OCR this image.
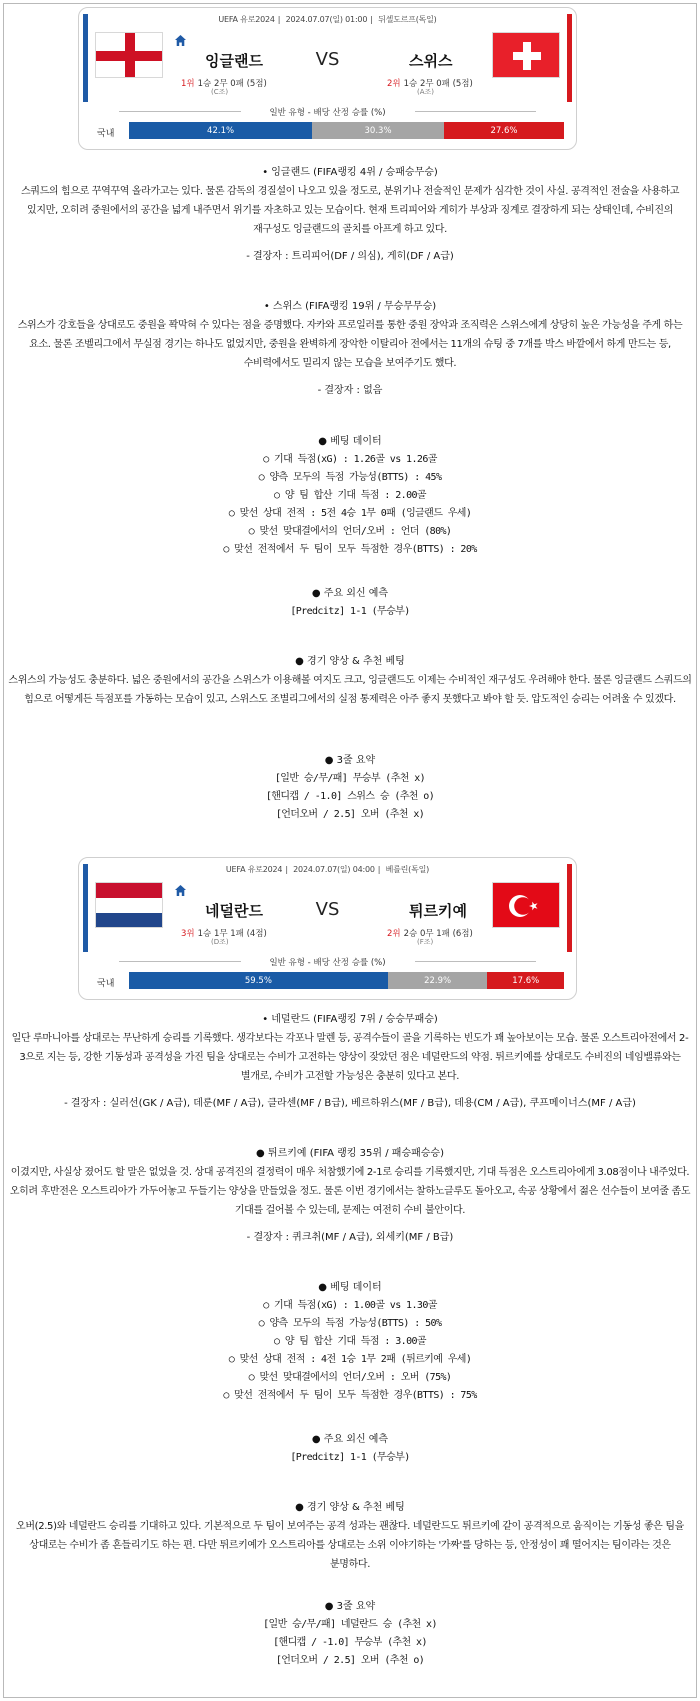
UEFA 유로2024 | 2024.07.07(일) 01:00 | 뒤셀도르프(독일)
잉글랜드	VS	스위스
1위 1승 2무 0패 (5점)	2위 1승 2무 0패 (5점)
(C조)	(A조)
일반 유형 - 배당 산정 승률 (%)
국내	42.1%	30.3%	27.6%
• 잉글랜드 (FIFA랭킹 4위 / 승패승무승)
스쿼드의 힘으로 꾸역꾸역 올라가고는 있다. 물론 감독의 경질설이 나오고 있을 정도로, 분위기나 전술적인 문제가 심각한 것이 사실. 공격적인 전술을 사용하고 있지만, 오히려 중원에서의 공간을 넓게 내주면서 위기를 자초하고 있는 모습이다. 현재 트리피어와 게히가 부상과 징계로 결장하게 되는 상태인데, 수비진의 재구성도 잉글랜드의 골치를 아프게 하고 있다.
- 결장자 : 트리피어(DF / 의심), 게히(DF / A급)
• 스위스 (FIFA랭킹 19위 / 무승무무승)
스위스가 강호들을 상대로도 중원을 꽉막혀 수 있다는 점을 증명했다. 자카와 프로일러를 통한 중원 장악과 조직력은 스위스에게 상당히 높은 가능성을 주게 하는 요소. 물론 조벨리그에서 무실점 경기는 하나도 없었지만, 중원을 완벽하게 장악한 이탈리아 전에서는 11개의 슈팅 중 7개를 박스 바깥에서 하게 만드는 등, 수비력에서도 밀리지 않는 모습을 보여주기도 했다.
- 결장자 : 없음
● 베팅 데이터
○ 기대 득점(xG) : 1.26골 vs 1.26골
○ 양측 모두의 득점 가능성(BTTS) : 45%
○ 양 팀 합산 기대 득점 : 2.00골
○ 맞선 상대 전적 : 5전 4승 1무 0패 (잉글랜드 우세)
○ 맞선 맞대결에서의 언더/오버 : 언더 (80%)
○ 맞선 전적에서 두 팀이 모두 득점한 경우(BTTS) : 20%
● 주요 외신 예측
[Predcitz] 1-1 (무승부)
● 경기 양상 & 추천 베팅
스위스의 가능성도 충분하다. 넓은 중원에서의 공간을 스위스가 이용해볼 여지도 크고, 잉글랜드도 이제는 수비적인 재구성도 우려해야 한다. 물론 잉글랜드 스쿼드의 힘으로 어떻게든 득점포를 가동하는 모습이 있고, 스위스도 조별리그에서의 실점 통제력은 아주 좋지 못했다고 봐야 할 듯. 압도적인 승리는 어려울 수 있겠다.
● 3줄 요약
[일반 승/무/패] 무승부 (추천 x)
[핸디캡 / -1.0] 스위스 승 (추천 o)
[언더오버 / 2.5] 오버 (추천 x)
UEFA 유로2024 | 2024.07.07(일) 04:00 | 베를린(독일)
네덜란드	VS	튀르키예
3위 1승 1무 1패 (4점)	2위 2승 0무 1패 (6점)
(D조)	(F조)
일반 유형 - 배당 산정 승률 (%)
국내	59.5%	22.9%	17.6%
• 네덜란드 (FIFA랭킹 7위 / 승승무패승)
일단 루마니아를 상대로는 무난하게 승리를 기록했다. 생각보다는 각포나 말렌 등, 공격수들이 골을 기록하는 빈도가 꽤 높아보이는 모습. 물론 오스트리아전에서 2-3으로 지는 등, 강한 기동성과 공격성을 가진 팀을 상대로는 수비가 고전하는 양상이 잦았던 점은 네덜란드의 약점. 튀르키예를 상대로도 수비진의 네임밸류와는 별개로, 수비가 고전할 가능성은 충분히 있다고 본다.
- 결장자 : 실러선(GK / A급), 데룬(MF / A급), 클라센(MF / B급), 베르하위스(MF / B급), 데용(CM / A급), 쿠프메이너스(MF / A급)
● 튀르키예 (FIFA 랭킹 35위 / 패승패승승)
이겼지만, 사실상 졌어도 할 말은 없었을 것. 상대 공격진의 결정력이 매우 처참했기에 2-1로 승리를 기록했지만, 기대 득점은 오스트리아에게 3.08점이나 내주었다. 오히려 후반전은 오스트리아가 가두어놓고 두들기는 양상을 만들었을 정도. 물론 이번 경기에서는 찰하노글루도 돌아오고, 속공 상황에서 젊은 선수들이 보여줄 좀도 기대를 걸어볼 수 있는데, 문제는 여전히 수비 불안이다.
- 결장자 : 퀴크취(MF / A급), 외세키(MF / B급)
● 베팅 데이터
○ 기대 득점(xG) : 1.00골 vs 1.30골
○ 양측 모두의 득점 가능성(BTTS) : 50%
○ 양 팀 합산 기대 득점 : 3.00골
○ 맞선 상대 전적 : 4전 1승 1무 2패 (튀르키예 우세)
○ 맞선 맞대결에서의 언더/오버 : 오버 (75%)
○ 맞선 전적에서 두 팀이 모두 득점한 경우(BTTS) : 75%
● 주요 외신 예측
[Predcitz] 1-1 (무승부)
● 경기 양상 & 추천 베팅
오버(2.5)와 네덜란드 승리를 기대하고 있다. 기본적으로 두 팀이 보여주는 공격 성과는 괜찮다. 네덜란드도 튀르키예 같이 공격적으로 움직이는 기동성 좋은 팀을 상대로는 수비가 좀 흔들리기도 하는 편. 다만 튀르키예가 오스트리아를 상대로는 소위 이야기하는 '가짜'를 당하는 등, 안정성이 꽤 떨어지는 팀이라는 것은 분명하다.
● 3줄 요약
[일반 승/무/패] 네덜란드 승 (추천 x)
[핸디캡 / -1.0] 무승부 (추천 x)
[언더오버 / 2.5] 오버 (추천 o)
